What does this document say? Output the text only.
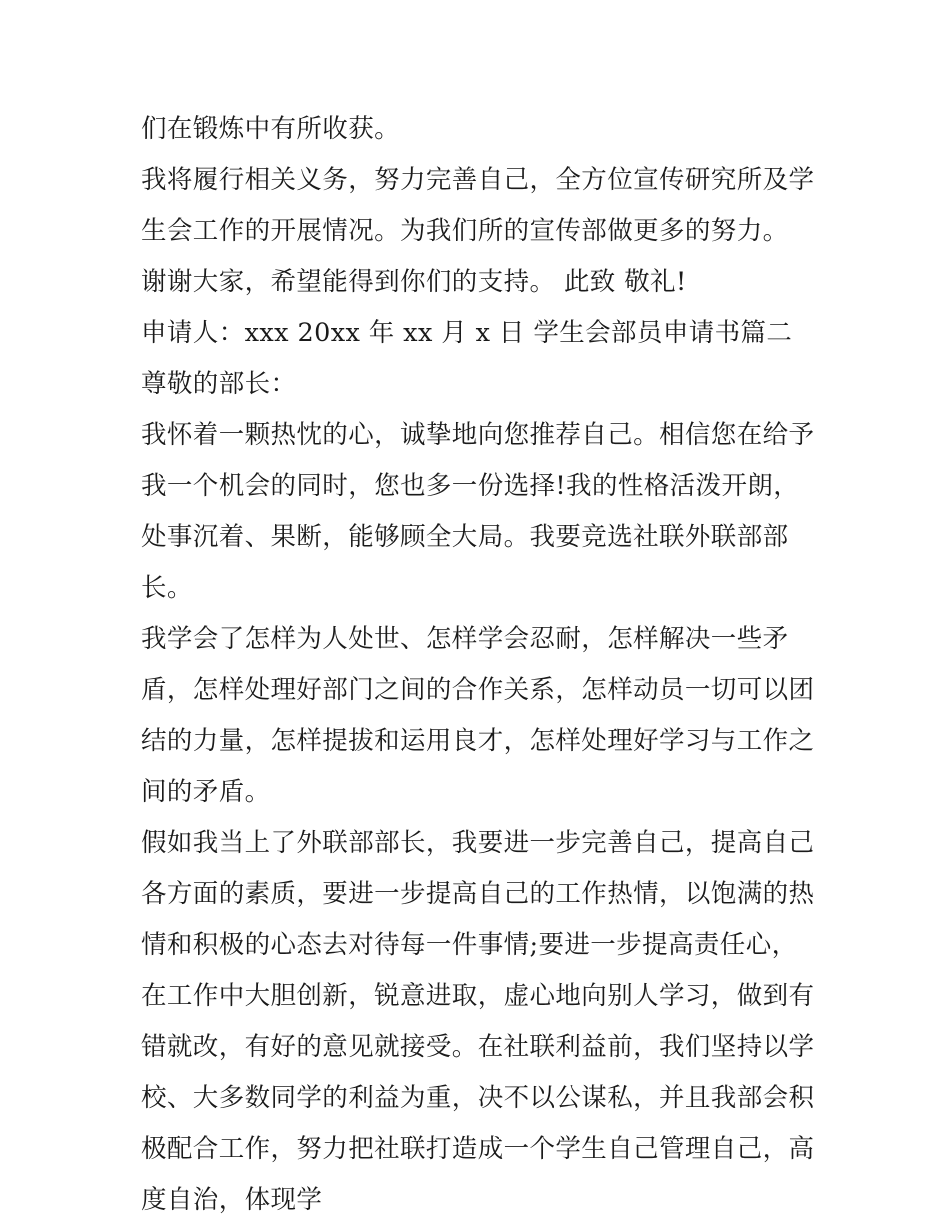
们在锻炼中有所收获。

我将履行相关义务，努力完善自己，全方位宣传研究所及学生会工作的开展情况。为我们所的宣传部做更多的努力。 谢谢大家，希望能得到你们的支持。 此致 敬礼!

申请人：xxx 20xx 年 xx 月 x 日 学生会部员申请书篇二 尊敬的部长：

我怀着一颗热忱的心，诚挚地向您推荐自己。相信您在给予我一个机会的同时，您也多一份选择!我的性格活泼开朗，处事沉着、果断，能够顾全大局。我要竞选社联外联部部长。

我学会了怎样为人处世、怎样学会忍耐，怎样解决一些矛盾，怎样处理好部门之间的合作关系，怎样动员一切可以团结的力量，怎样提拔和运用良才，怎样处理好学习与工作之间的矛盾。

假如我当上了外联部部长，我要进一步完善自己，提高自己各方面的素质，要进一步提高自己的工作热情，以饱满的热情和积极的心态去对待每一件事情;要进一步提高责任心，在工作中大胆创新，锐意进取，虚心地向别人学习，做到有错就改，有好的意见就接受。在社联利益前，我们坚持以学校、大多数同学的利益为重，决不以公谋私，并且我部会积极配合工作，努力把社联打造成一个学生自己管理自己，高度自治，体现学
